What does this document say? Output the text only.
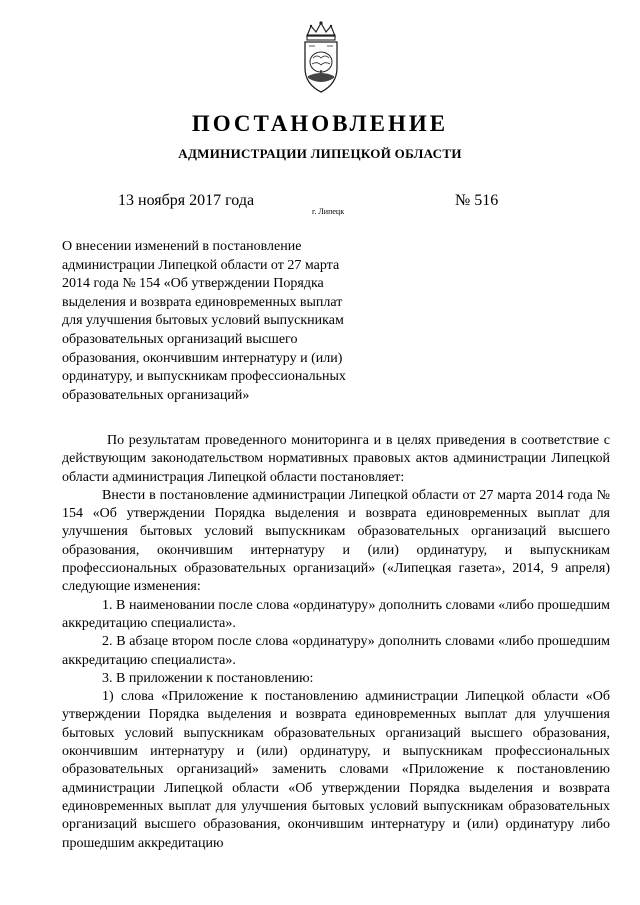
ПОСТАНОВЛЕНИЕ
АДМИНИСТРАЦИИ ЛИПЕЦКОЙ ОБЛАСТИ
13 ноября 2017 года
г. Липецк
№ 516
О внесении изменений в постановление
администрации Липецкой области от 27 марта
2014 года № 154 «Об утверждении Порядка
выделения и возврата единовременных выплат
для улучшения бытовых условий выпускникам
образовательных организаций высшего
образования, окончившим интернатуру и (или)
ординатуру, и выпускникам профессиональных
образовательных организаций»

По результатам проведенного мониторинга и в целях приведения в соответствие с действующим законодательством нормативных правовых актов администрации Липецкой области администрация Липецкой области постановляет:

Внести в постановление администрации Липецкой области от 27 марта 2014 года № 154 «Об утверждении Порядка выделения и возврата единовременных выплат для улучшения бытовых условий выпускникам образовательных организаций высшего образования, окончившим интернатуру и (или) ординатуру, и выпускникам профессиональных образовательных организаций» («Липецкая газета», 2014, 9 апреля) следующие изменения:

1. В наименовании после слова «ординатуру» дополнить словами «либо прошедшим аккредитацию специалиста».

2. В абзаце втором после слова «ординатуру» дополнить словами «либо прошедшим аккредитацию специалиста».

3. В приложении к постановлению:

1) слова «Приложение к постановлению администрации Липецкой области «Об утверждении Порядка выделения и возврата единовременных выплат для улучшения бытовых условий выпускникам образовательных организаций высшего образования, окончившим интернатуру и (или) ординатуру, и выпускникам профессиональных образовательных организаций» заменить словами «Приложение к постановлению администрации Липецкой области «Об утверждении Порядка выделения и возврата единовременных выплат для улучшения бытовых условий выпускникам образовательных организаций высшего образования, окончившим интернатуру и (или) ординатуру либо прошедшим аккредитацию
